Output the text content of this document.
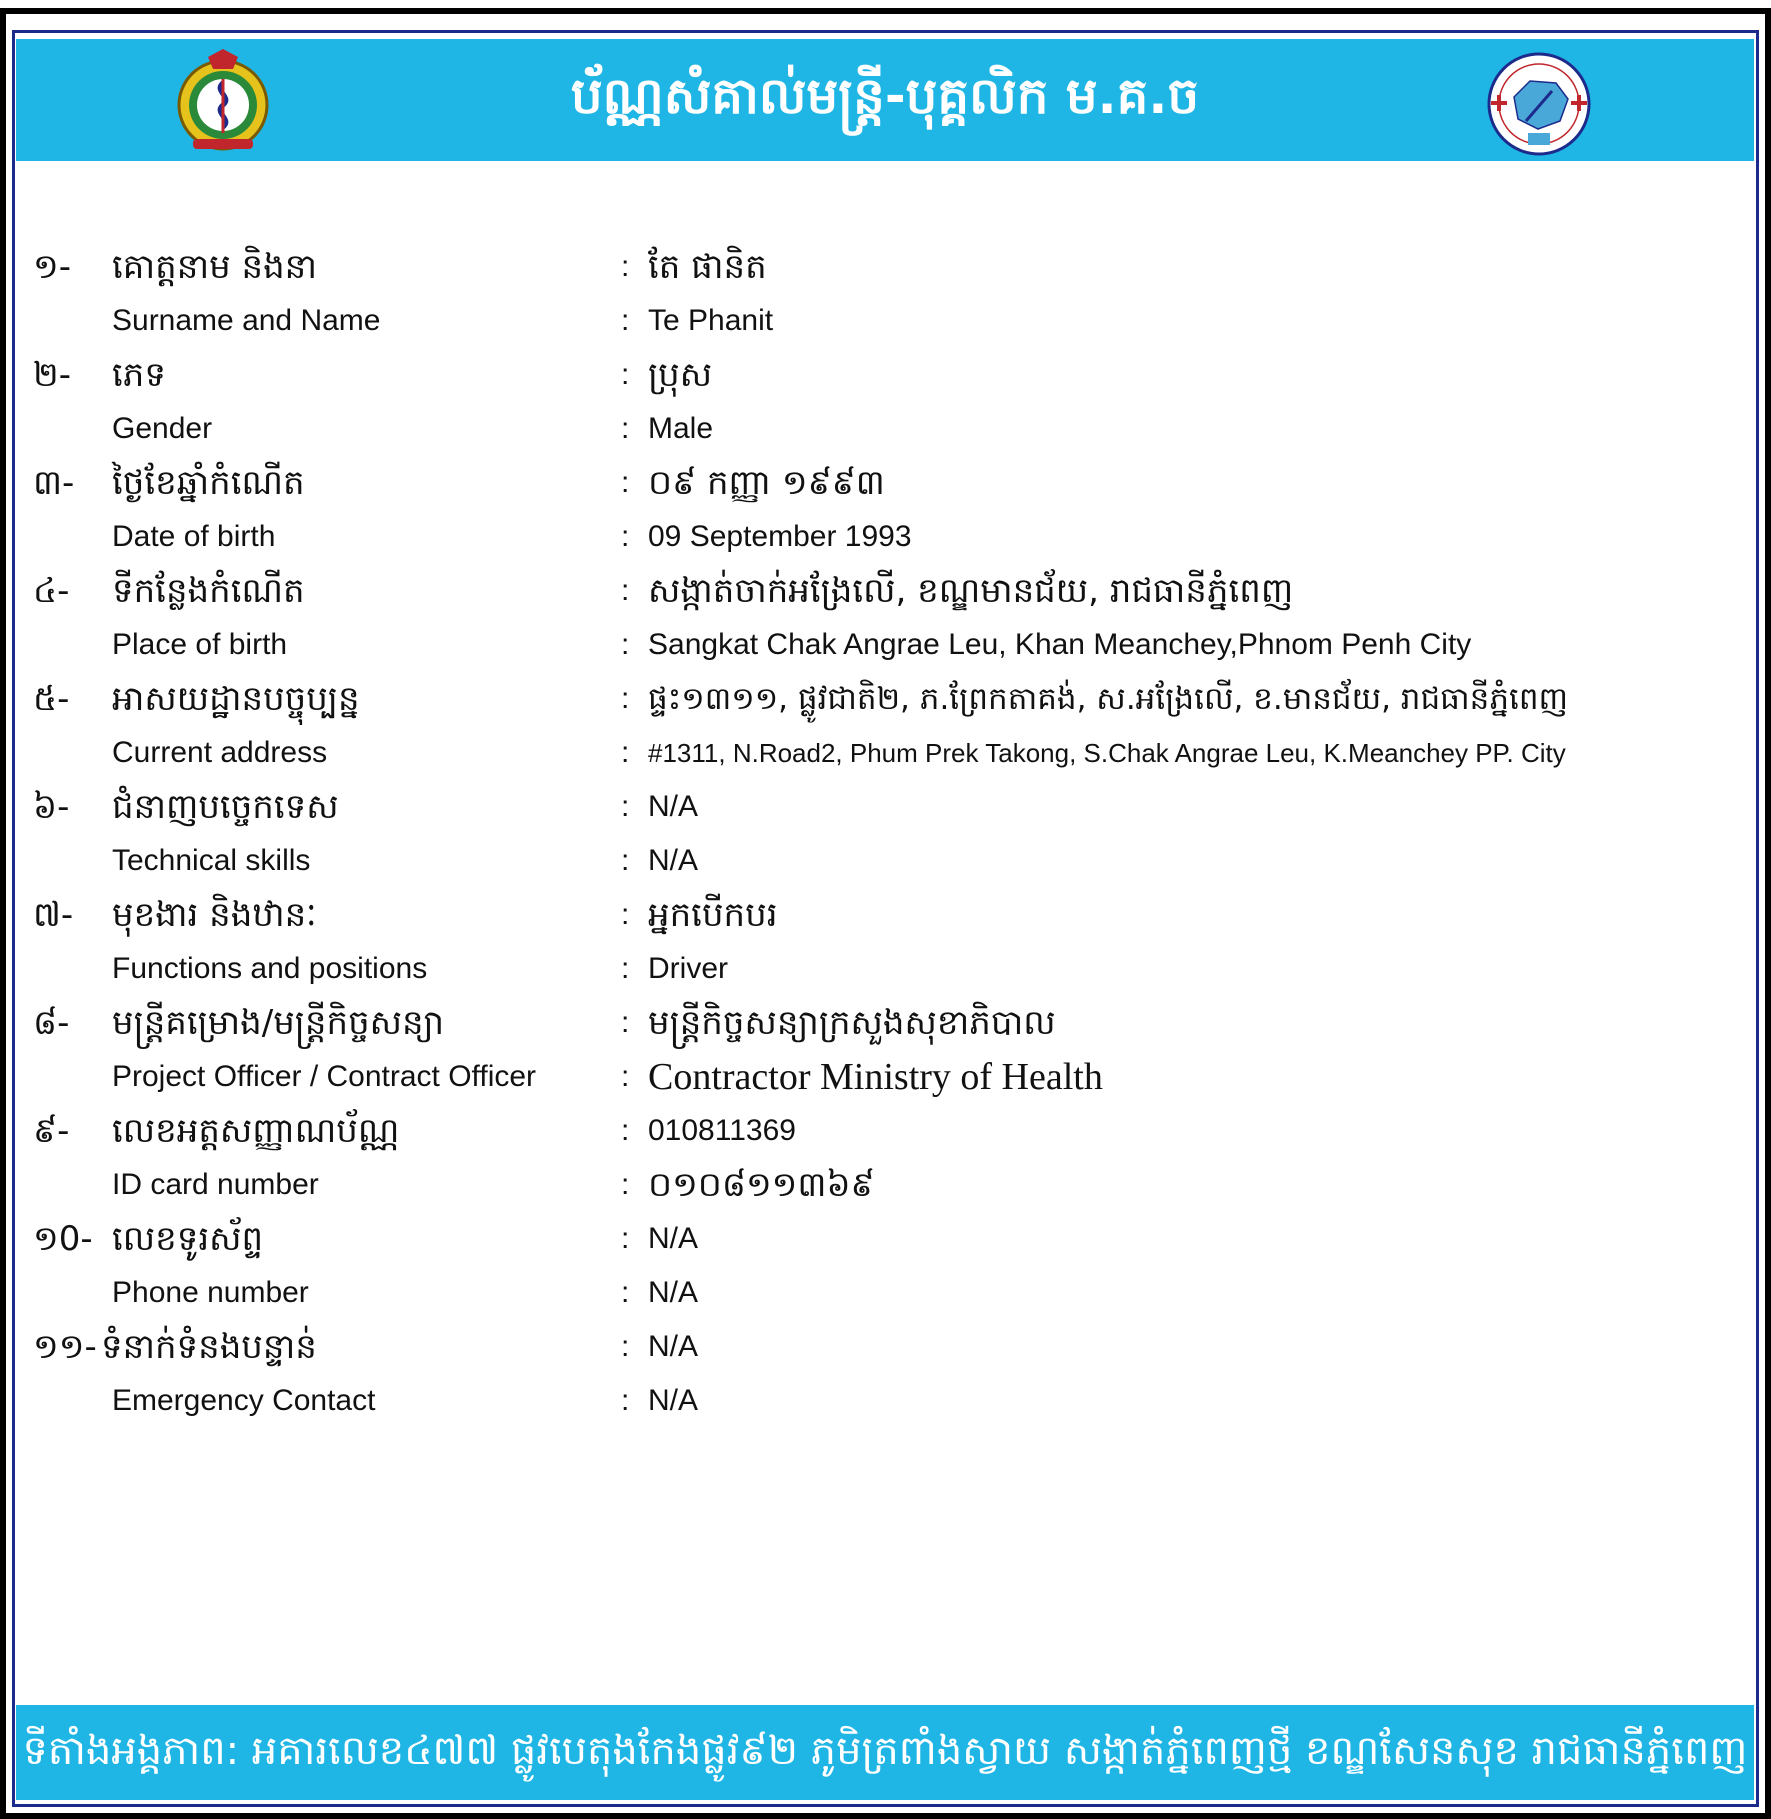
ប័ណ្ណសំគាល់មន្ត្រី-បុគ្គលិក ម.គ.ច
១- គោត្តនាម និងនា	: តែ ផានិត
Surname and Name	: Te Phanit
២- ភេទ	: ប្រុស
Gender	: Male
៣- ថ្ងៃខែឆ្នាំកំណើត	: ០៩ កញ្ញា ១៩៩៣
Date of birth	: 09 September 1993
៤- ទីកន្លែងកំណើត	: សង្កាត់ចាក់អង្រែលើ, ខណ្ឌមានជ័យ, រាជធានីភ្នំពេញ
Place of birth	: Sangkat Chak Angrae Leu, Khan Meanchey,Phnom Penh City
៥- អាសយដ្ឋានបច្ចុប្បន្ន	: ផ្ទះ១៣១១, ផ្លូវជាតិ២, ភ.ព្រែកតាគង់, ស.អង្រែលើ, ខ.មានជ័យ, រាជធានីភ្នំពេញ
Current address	: #1311, N.Road2, Phum Prek Takong, S.Chak Angrae Leu, K.Meanchey PP. City
៦- ជំនាញបច្ចេកទេស	: N/A
Technical skills	: N/A
៧- មុខងារ និងឋានៈ	: អ្នកបើកបរ
Functions and positions	: Driver
៨- មន្ត្រីគម្រោង/មន្ត្រីកិច្ចសន្យា	: មន្ត្រីកិច្ចសន្យាក្រសួងសុខាភិបាល
Project Officer / Contract Officer	: Contractor Ministry of Health
៩- លេខអត្តសញ្ញាណប័ណ្ណ	: 010811369
ID card number	: ០១០៨១១៣៦៩
១0- លេខទូរស័ព្ទ	: N/A
Phone number	: N/A
១១- ទំនាក់ទំនងបន្ទាន់	: N/A
Emergency Contact	: N/A
ទីតាំងអង្គភាព: អគារលេខ៤៧៧ ផ្លូវបេតុងកែងផ្លូវ៩២ ភូមិត្រពាំងស្វាយ សង្កាត់ភ្នំពេញថ្មី ខណ្ឌសែនសុខ រាជធានីភ្នំពេញ
